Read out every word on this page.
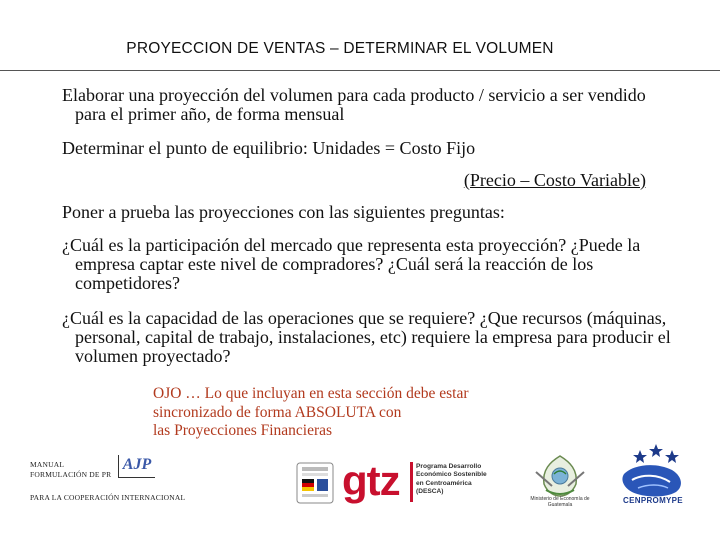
PROYECCION DE VENTAS – DETERMINAR EL VOLUMEN
Elaborar una proyección del volumen para cada producto / servicio a ser vendido para el primer año, de forma mensual
Determinar el punto de equilibrio: Unidades = Costo Fijo
(Precio – Costo Variable)
Poner a prueba las proyecciones con las siguientes preguntas:
¿Cuál es la participación del mercado que representa esta proyección? ¿Puede la empresa captar este nivel de compradores? ¿Cuál será la reacción de los competidores?
¿Cuál es la capacidad de las operaciones que se requiere? ¿Que recursos (máquinas, personal, capital de trabajo, instalaciones, etc) requiere la empresa para producir el volumen proyectado?
OJO … Lo que incluyan en esta sección debe estar
sincronizado de forma ABSOLUTA con
las Proyecciones Financieras
MANUAL
FORMULACIÓN DE PR
AJP
PARA LA COOPERACIÓN INTERNACIONAL	gtz Programa Desarrollo
Económico Sostenible
en Centroamérica
(DESCA)
Ministerio de Economía de Guatemala	CENPROMYPE
